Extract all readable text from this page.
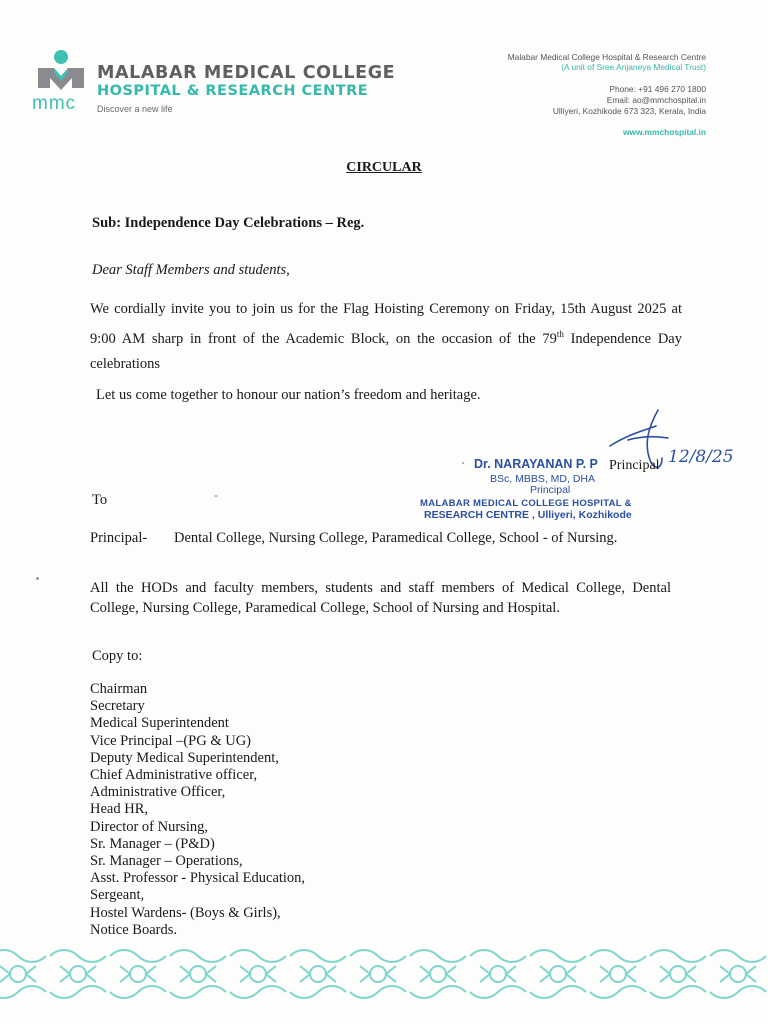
mmc
MALABAR MEDICAL COLLEGE
HOSPITAL & RESEARCH CENTRE
Discover a new life
Malabar Medical College Hospital & Research Centre
(A unit of Sree Anjaneya Medical Trust)
Phone: +91 496 270 1800
Email: ao@mmchospital.in
Ulliyeri, Kozhikode 673 323, Kerala, India
www.mmchospital.in
CIRCULAR
Sub: Independence Day Celebrations – Reg.
Dear Staff Members and students,
We cordially invite you to join us for the Flag Hoisting Ceremony on Friday, 15th August 2025 at 9:00 AM sharp in front of the Academic Block, on the occasion of the 79th Independence Day celebrations
Let us come together to honour our nation’s freedom and heritage.
12/8/25
Dr. NARAYANAN P. P Principal
BSc, MBBS, MD, DHA
Principal
MALABAR MEDICAL COLLEGE HOSPITAL &
RESEARCH CENTRE , Ulliyeri, Kozhikode
To
Principal- Dental College, Nursing College, Paramedical College, School - of Nursing.
All the HODs and faculty members, students and staff members of Medical College, Dental College, Nursing College, Paramedical College, School of Nursing and Hospital.
Copy to:
Chairman
Secretary
Medical Superintendent
Vice Principal –(PG & UG)
Deputy Medical Superintendent,
Chief Administrative officer,
Administrative Officer,
Head HR,
Director of Nursing,
Sr. Manager – (P&D)
Sr. Manager – Operations,
Asst. Professor - Physical Education,
Sergeant,
Hostel Wardens- (Boys & Girls),
Notice Boards.
